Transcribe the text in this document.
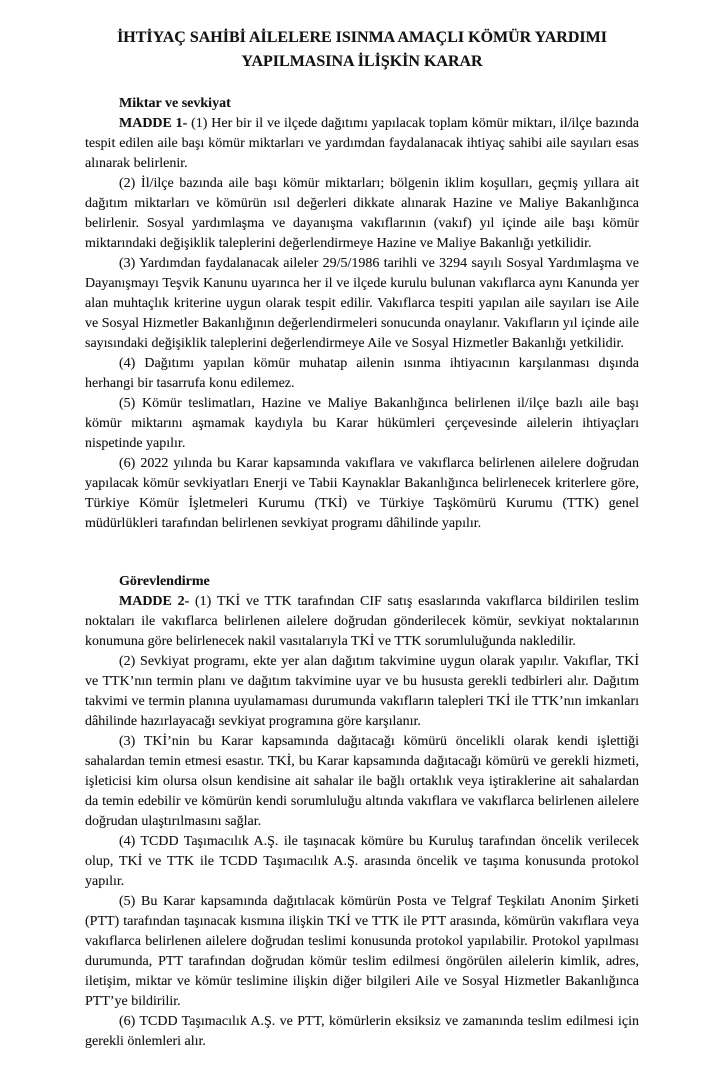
İHTİYAÇ SAHİBİ AİLELERE ISINMA AMAÇLI KÖMÜR YARDIMI
YAPILMASINA İLİŞKİN KARAR

Miktar ve sevkiyat

MADDE 1- (1) Her bir il ve ilçede dağıtımı yapılacak toplam kömür miktarı, il/ilçe bazında tespit edilen aile başı kömür miktarları ve yardımdan faydalanacak ihtiyaç sahibi aile sayıları esas alınarak belirlenir.

(2) İl/ilçe bazında aile başı kömür miktarları; bölgenin iklim koşulları, geçmiş yıllara ait dağıtım miktarları ve kömürün ısıl değerleri dikkate alınarak Hazine ve Maliye Bakanlığınca belirlenir. Sosyal yardımlaşma ve dayanışma vakıflarının (vakıf) yıl içinde aile başı kömür miktarındaki değişiklik taleplerini değerlendirmeye Hazine ve Maliye Bakanlığı yetkilidir.

(3) Yardımdan faydalanacak aileler 29/5/1986 tarihli ve 3294 sayılı Sosyal Yardımlaşma ve Dayanışmayı Teşvik Kanunu uyarınca her il ve ilçede kurulu bulunan vakıflarca aynı Kanunda yer alan muhtaçlık kriterine uygun olarak tespit edilir. Vakıflarca tespiti yapılan aile sayıları ise Aile ve Sosyal Hizmetler Bakanlığının değerlendirmeleri sonucunda onaylanır. Vakıfların yıl içinde aile sayısındaki değişiklik taleplerini değerlendirmeye Aile ve Sosyal Hizmetler Bakanlığı yetkilidir.

(4) Dağıtımı yapılan kömür muhatap ailenin ısınma ihtiyacının karşılanması dışında herhangi bir tasarrufa konu edilemez.

(5) Kömür teslimatları, Hazine ve Maliye Bakanlığınca belirlenen il/ilçe bazlı aile başı kömür miktarını aşmamak kaydıyla bu Karar hükümleri çerçevesinde ailelerin ihtiyaçları nispetinde yapılır.

(6) 2022 yılında bu Karar kapsamında vakıflara ve vakıflarca belirlenen ailelere doğrudan yapılacak kömür sevkiyatları Enerji ve Tabii Kaynaklar Bakanlığınca belirlenecek kriterlere göre, Türkiye Kömür İşletmeleri Kurumu (TKİ) ve Türkiye Taşkömürü Kurumu (TTK) genel müdürlükleri tarafından belirlenen sevkiyat programı dâhilinde yapılır.

Görevlendirme

MADDE 2- (1) TKİ ve TTK tarafından CIF satış esaslarında vakıflarca bildirilen teslim noktaları ile vakıflarca belirlenen ailelere doğrudan gönderilecek kömür, sevkiyat noktalarının konumuna göre belirlenecek nakil vasıtalarıyla TKİ ve TTK sorumluluğunda nakledilir.

(2) Sevkiyat programı, ekte yer alan dağıtım takvimine uygun olarak yapılır. Vakıflar, TKİ ve TTK’nın termin planı ve dağıtım takvimine uyar ve bu hususta gerekli tedbirleri alır. Dağıtım takvimi ve termin planına uyulamaması durumunda vakıfların talepleri TKİ ile TTK’nın imkanları dâhilinde hazırlayacağı sevkiyat programına göre karşılanır.

(3) TKİ’nin bu Karar kapsamında dağıtacağı kömürü öncelikli olarak kendi işlettiği sahalardan temin etmesi esastır. TKİ, bu Karar kapsamında dağıtacağı kömürü ve gerekli hizmeti, işleticisi kim olursa olsun kendisine ait sahalar ile bağlı ortaklık veya iştiraklerine ait sahalardan da temin edebilir ve kömürün kendi sorumluluğu altında vakıflara ve vakıflarca belirlenen ailelere doğrudan ulaştırılmasını sağlar.

(4) TCDD Taşımacılık A.Ş. ile taşınacak kömüre bu Kuruluş tarafından öncelik verilecek olup, TKİ ve TTK ile TCDD Taşımacılık A.Ş. arasında öncelik ve taşıma konusunda protokol yapılır.

(5) Bu Karar kapsamında dağıtılacak kömürün Posta ve Telgraf Teşkilatı Anonim Şirketi (PTT) tarafından taşınacak kısmına ilişkin TKİ ve TTK ile PTT arasında, kömürün vakıflara veya vakıflarca belirlenen ailelere doğrudan teslimi konusunda protokol yapılabilir. Protokol yapılması durumunda, PTT tarafından doğrudan kömür teslim edilmesi öngörülen ailelerin kimlik, adres, iletişim, miktar ve kömür teslimine ilişkin diğer bilgileri Aile ve Sosyal Hizmetler Bakanlığınca PTT’ye bildirilir.

(6) TCDD Taşımacılık A.Ş. ve PTT, kömürlerin eksiksiz ve zamanında teslim edilmesi için gerekli önlemleri alır.
